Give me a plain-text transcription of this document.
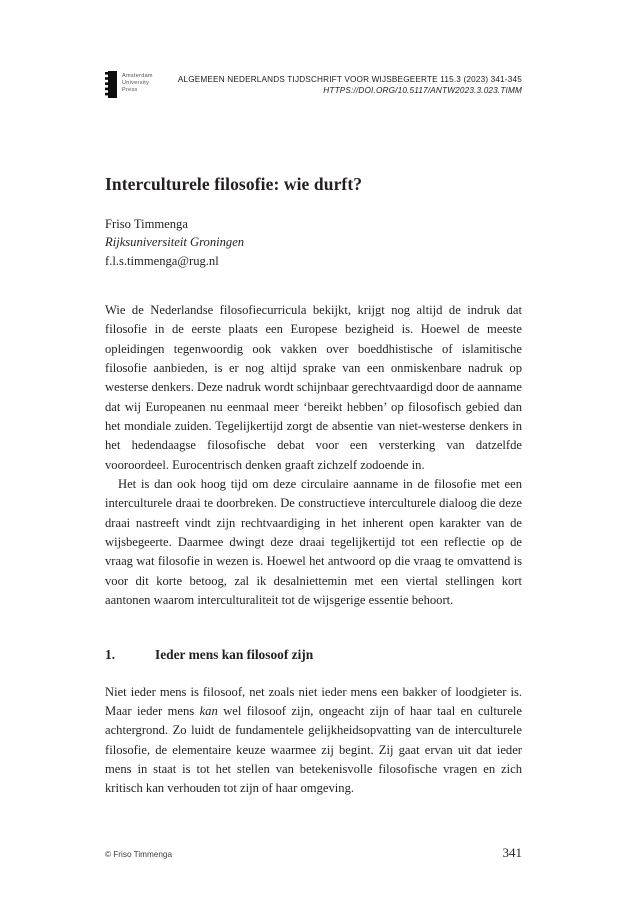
Amsterdam
University
Press
ALGEMEEN NEDERLANDS TIJDSCHRIFT VOOR WIJSBEGEERTE 115.3 (2023) 341-345
HTTPS://DOI.ORG/10.5117/ANTW2023.3.023.TIMM
Interculturele filosofie: wie durft?
Friso Timmenga
Rijksuniversiteit Groningen
f.l.s.timmenga@rug.nl

Wie de Nederlandse filosofiecurricula bekijkt, krijgt nog altijd de indruk dat filosofie in de eerste plaats een Europese bezigheid is. Hoewel de meeste opleidingen tegenwoordig ook vakken over boeddhistische of islamitische filosofie aanbieden, is er nog altijd sprake van een onmiskenbare nadruk op westerse denkers. Deze nadruk wordt schijnbaar gerechtvaardigd door de aanname dat wij Europeanen nu eenmaal meer ‘bereikt hebben’ op filosofisch gebied dan het mondiale zuiden. Tegelijkertijd zorgt de absentie van niet-westerse denkers in het hedendaagse filosofische debat voor een versterking van datzelfde vooroordeel. Eurocentrisch denken graaft zichzelf zodoende in.

Het is dan ook hoog tijd om deze circulaire aanname in de filosofie met een interculturele draai te doorbreken. De constructieve interculturele dialoog die deze draai nastreeft vindt zijn rechtvaardiging in het inherent open karakter van de wijsbegeerte. Daarmee dwingt deze draai tegelijkertijd tot een reflectie op de vraag wat filosofie in wezen is. Hoewel het antwoord op die vraag te omvattend is voor dit korte betoog, zal ik desalniettemin met een viertal stellingen kort aantonen waarom interculturaliteit tot de wijsgerige essentie behoort.

1.	Ieder mens kan filosoof zijn

Niet ieder mens is filosoof, net zoals niet ieder mens een bakker of loodgieter is. Maar ieder mens kan wel filosoof zijn, ongeacht zijn of haar taal en culturele achtergrond. Zo luidt de fundamentele gelijkheidsopvatting van de interculturele filosofie, de elementaire keuze waarmee zij begint. Zij gaat ervan uit dat ieder mens in staat is tot het stellen van betekenisvolle filosofische vragen en zich kritisch kan verhouden tot zijn of haar omgeving.

© Friso Timmenga	341
